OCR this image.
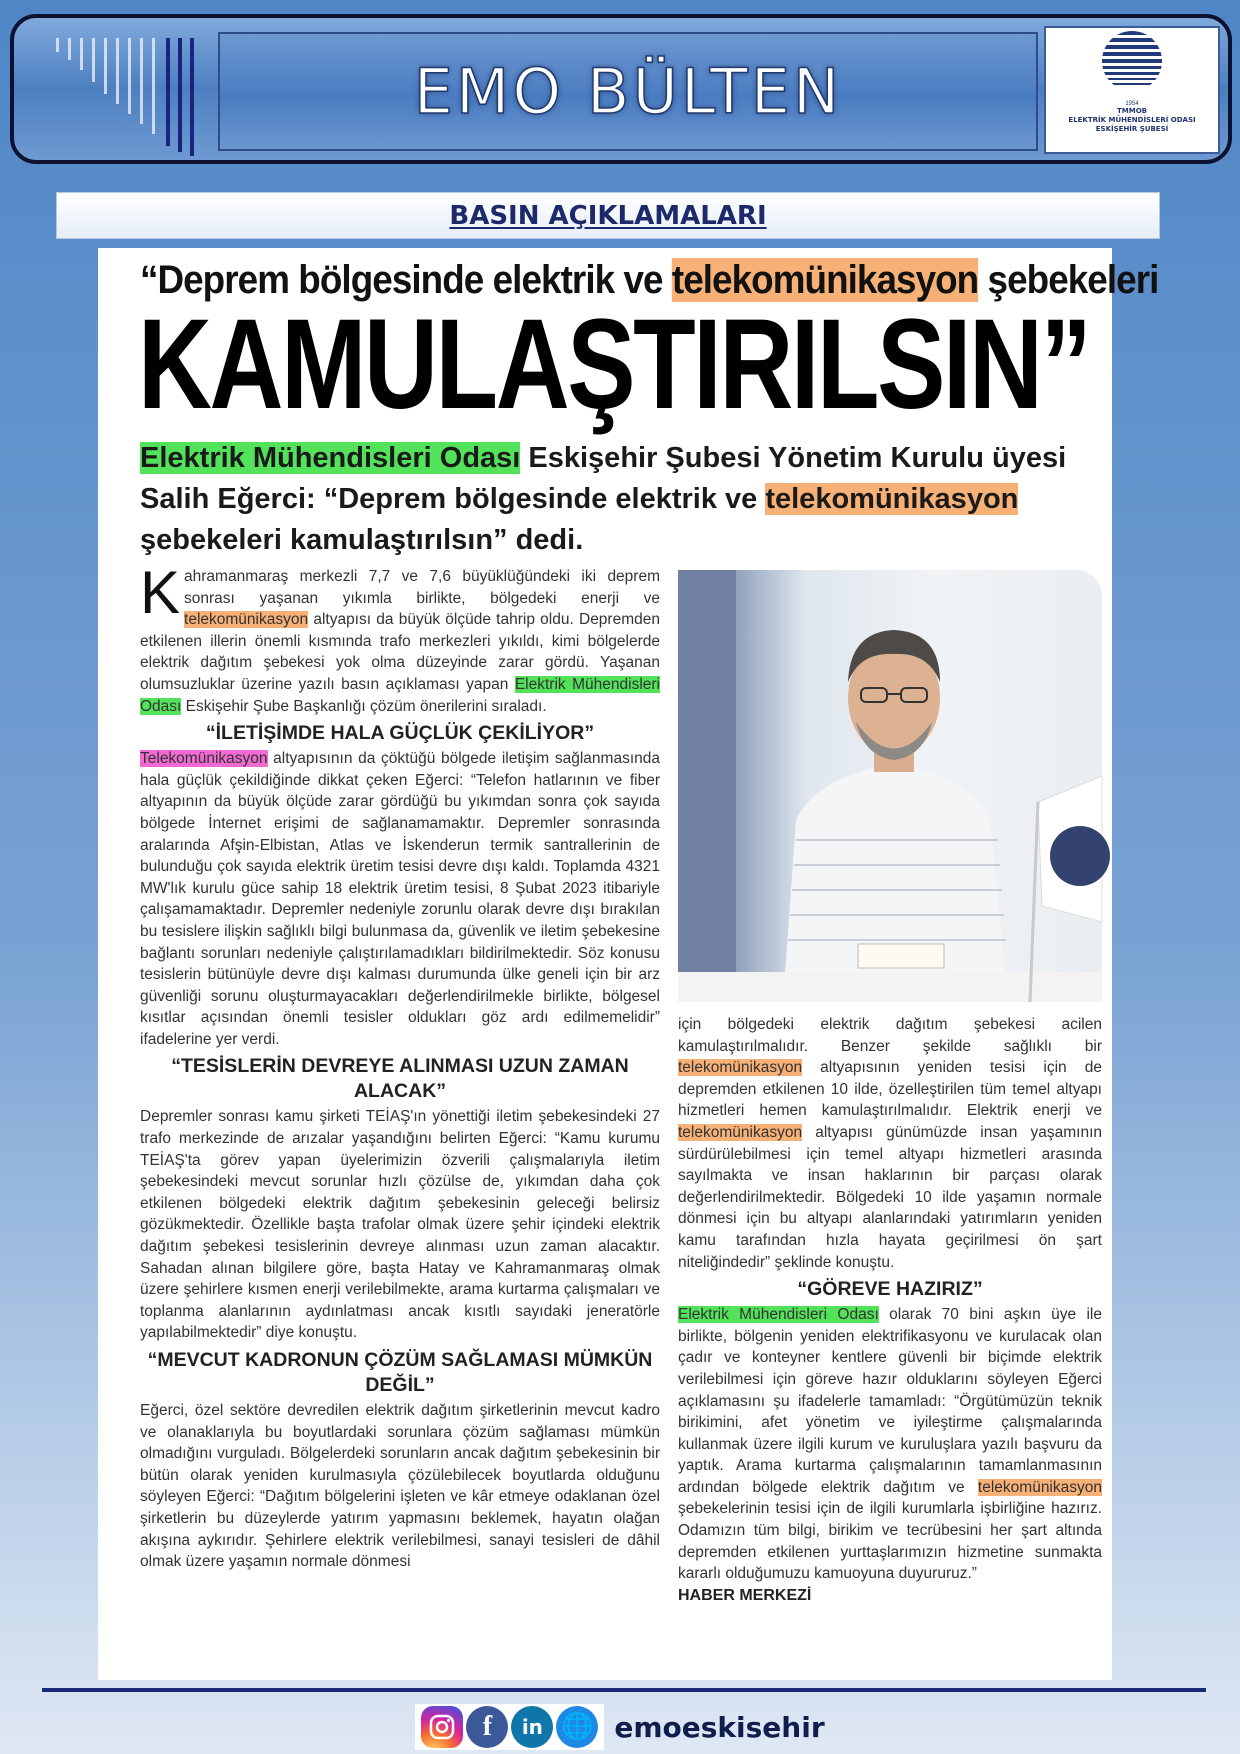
EMO BÜLTEN	1954
TMMOB
ELEKTRİK MÜHENDİSLERİ ODASI
ESKİŞEHİR ŞUBESİ
BASIN AÇIKLAMALARI
“Deprem bölgesinde elektrik ve telekomünikasyon şebekeleri
KAMULAŞTIRILSIN”
Elektrik Mühendisleri Odası Eskişehir Şubesi Yönetim Kurulu üyesi Salih Eğerci: “Deprem bölgesinde elektrik ve telekomünikasyon şebekeleri kamulaştırılsın” dedi.

Kahramanmaraş merkezli 7,7 ve 7,6 büyüklüğündeki iki deprem sonrası yaşanan yıkımla birlikte, bölgedeki enerji ve telekomünikasyon altyapısı da büyük ölçüde tahrip oldu. Depremden etkilenen illerin önemli kısmında trafo merkezleri yıkıldı, kimi bölgelerde elektrik dağıtım şebekesi yok olma düzeyinde zarar gördü. Yaşanan olumsuzluklar üzerine yazılı basın açıklaması yapan Elektrik Mühendisleri Odası Eskişehir Şube Başkanlığı çözüm önerilerini sıraladı.

“İLETİŞİMDE HALA GÜÇLÜK ÇEKİLİYOR”

Telekomünikasyon altyapısının da çöktüğü bölgede iletişim sağlanmasında hala güçlük çekildiğinde dikkat çeken Eğerci: “Telefon hatlarının ve fiber altyapının da büyük ölçüde zarar gördüğü bu yıkımdan sonra çok sayıda bölgede İnternet erişimi de sağlanamamaktır. Depremler sonrasında aralarında Afşin-Elbistan, Atlas ve İskenderun termik santrallerinin de bulunduğu çok sayıda elektrik üretim tesisi devre dışı kaldı. Toplamda 4321 MW'lık kurulu güce sahip 18 elektrik üretim tesisi, 8 Şubat 2023 itibariyle çalışamamaktadır. Depremler nedeniyle zorunlu olarak devre dışı bırakılan bu tesislere ilişkin sağlıklı bilgi bulunmasa da, güvenlik ve iletim şebekesine bağlantı sorunları nedeniyle çalıştırılamadıkları bildirilmektedir. Söz konusu tesislerin bütünüyle devre dışı kalması durumunda ülke geneli için bir arz güvenliği sorunu oluşturmayacakları değerlendirilmekle birlikte, bölgesel kısıtlar açısından önemli tesisler oldukları göz ardı edilmemelidir” ifadelerine yer verdi.

“TESİSLERİN DEVREYE ALINMASI UZUN ZAMAN ALACAK”

Depremler sonrası kamu şirketi TEİAŞ'ın yönettiği iletim şebekesindeki 27 trafo merkezinde de arızalar yaşandığını belirten Eğerci: “Kamu kurumu TEİAŞ'ta görev yapan üyelerimizin özverili çalışmalarıyla iletim şebekesindeki mevcut sorunlar hızlı çözülse de, yıkımdan daha çok etkilenen bölgedeki elektrik dağıtım şebekesinin geleceği belirsiz gözükmektedir. Özellikle başta trafolar olmak üzere şehir içindeki elektrik dağıtım şebekesi tesislerinin devreye alınması uzun zaman alacaktır. Sahadan alınan bilgilere göre, başta Hatay ve Kahramanmaraş olmak üzere şehirlere kısmen enerji verilebilmekte, arama kurtarma çalışmaları ve toplanma alanlarının aydınlatması ancak kısıtlı sayıdaki jeneratörle yapılabilmektedir” diye konuştu.

“MEVCUT KADRONUN ÇÖZÜM SAĞLAMASI MÜMKÜN DEĞİL”

Eğerci, özel sektöre devredilen elektrik dağıtım şirketlerinin mevcut kadro ve olanaklarıyla bu boyutlardaki sorunlara çözüm sağlaması mümkün olmadığını vurguladı. Bölgelerdeki sorunların ancak dağıtım şebekesinin bir bütün olarak yeniden kurulmasıyla çözülebilecek boyutlarda olduğunu söyleyen Eğerci: “Dağıtım bölgelerini işleten ve kâr etmeye odaklanan özel şirketlerin bu düzeylerde yatırım yapmasını beklemek, hayatın olağan akışına aykırıdır. Şehirlere elektrik verilebilmesi, sanayi tesisleri de dâhil olmak üzere yaşamın normale dönmesi

için bölgedeki elektrik dağıtım şebekesi acilen kamulaştırılmalıdır. Benzer şekilde sağlıklı bir telekomünikasyon altyapısının yeniden tesisi için de depremden etkilenen 10 ilde, özelleştirilen tüm temel altyapı hizmetleri hemen kamulaştırılmalıdır. Elektrik enerji ve telekomünikasyon altyapısı günümüzde insan yaşamının sürdürülebilmesi için temel altyapı hizmetleri arasında sayılmakta ve insan haklarının bir parçası olarak değerlendirilmektedir. Bölgedeki 10 ilde yaşamın normale dönmesi için bu altyapı alanlarındaki yatırımların yeniden kamu tarafından hızla hayata geçirilmesi ön şart niteliğindedir” şeklinde konuştu.

“GÖREVE HAZIRIZ”

Elektrik Mühendisleri Odası olarak 70 bini aşkın üye ile birlikte, bölgenin yeniden elektrifikasyonu ve kurulacak olan çadır ve konteyner kentlere güvenli bir biçimde elektrik verilebilmesi için göreve hazır olduklarını söyleyen Eğerci açıklamasını şu ifadelerle tamamladı: “Örgütümüzün teknik birikimini, afet yönetim ve iyileştirme çalışmalarında kullanmak üzere ilgili kurum ve kuruluşlara yazılı başvuru da yaptık. Arama kurtarma çalışmalarının tamamlanmasının ardından bölgede elektrik dağıtım ve telekomünikasyon şebekelerinin tesisi için de ilgili kurumlarla işbirliğine hazırız. Odamızın tüm bilgi, birikim ve tecrübesini her şart altında depremden etkilenen yurttaşlarımızın hizmetine sunmakta kararlı olduğumuzu kamuoyuna duyururuz.”

HABER MERKEZİ

f in 🌐 emoeskisehir
